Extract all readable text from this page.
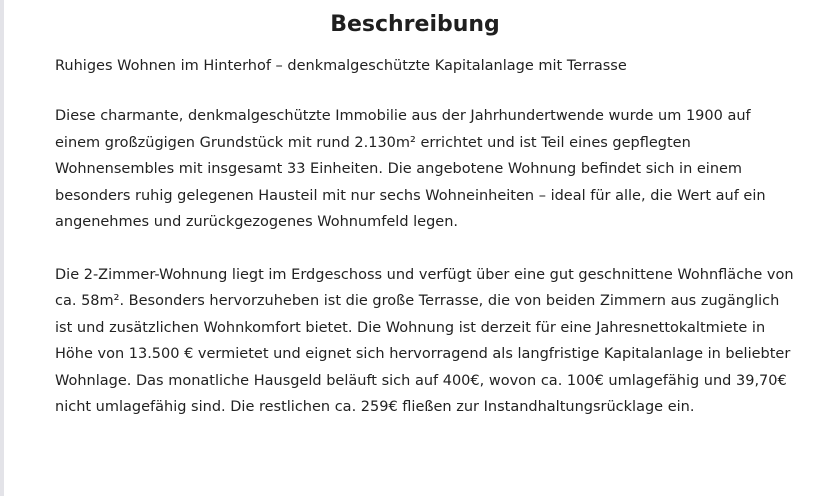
Beschreibung

Ruhiges Wohnen im Hinterhof – denkmalgeschützte Kapitalanlage mit Terrasse

Diese charmante, denkmalgeschützte Immobilie aus der Jahrhundertwende wurde um 1900 auf einem großzügigen Grundstück mit rund 2.130m² errichtet und ist Teil eines gepflegten Wohnensembles mit insgesamt 33 Einheiten. Die angebotene Wohnung befindet sich in einem besonders ruhig gelegenen Hausteil mit nur sechs Wohneinheiten – ideal für alle, die Wert auf ein angenehmes und zurückgezogenes Wohnumfeld legen.

Die 2-Zimmer-Wohnung liegt im Erdgeschoss und verfügt über eine gut geschnittene Wohnfläche von ca. 58m². Besonders hervorzuheben ist die große Terrasse, die von beiden Zimmern aus zugänglich ist und zusätzlichen Wohnkomfort bietet. Die Wohnung ist derzeit für eine Jahresnettokaltmiete in Höhe von 13.500 € vermietet und eignet sich hervorragend als langfristige Kapitalanlage in beliebter Wohnlage. Das monatliche Hausgeld beläuft sich auf 400€, wovon ca. 100€ umlagefähig und 39,70€ nicht umlagefähig sind. Die restlichen ca. 259€ fließen zur Instandhaltungsrücklage ein.
